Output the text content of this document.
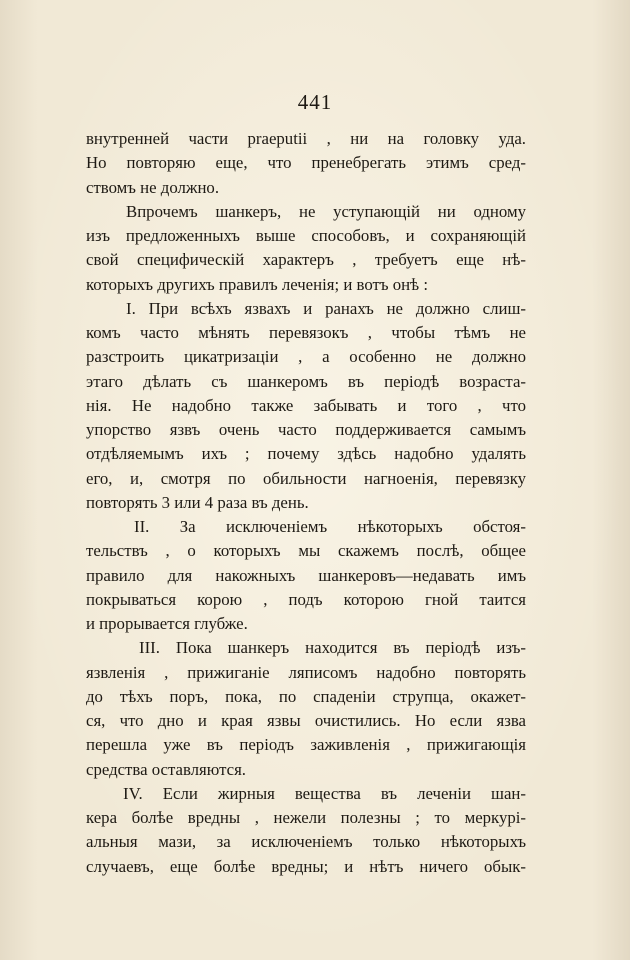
441
внутренней части praeputii , ни на головку уда.
Но повторяю еще, что пренебрегать этимъ сред-
ствомъ не должно.
Впрочемъ шанкеръ, не уступающій ни одному
изъ предложенныхъ выше способовъ, и сохраняющій
свой специфическій характеръ , требуетъ еще нѣ-
которыхъ другихъ правилъ леченія; и вотъ онѣ :
I. При всѣхъ язвахъ и ранахъ не должно слиш-
комъ часто мѣнять перевязокъ , чтобы тѣмъ не
разстроить цикатризаціи , а особенно не должно
этаго дѣлать съ шанкеромъ въ періодѣ возраста-
нія. Не надобно также забывать и того , что
упорство язвъ очень часто поддерживается самымъ
отдѣляемымъ ихъ ; почему здѣсь надобно удалять
его, и, смотря по обильности нагноенія, перевязку
повторять 3 или 4 раза въ день.
II. За исключеніемъ нѣкоторыхъ обстоя-
тельствъ , о которыхъ мы скажемъ послѣ, общее
правило для накожныхъ шанкеровъ—недавать имъ
покрываться корою , подъ которою гной таится
и прорывается глубже.
III. Пока шанкеръ находится въ періодѣ изъ-
язвленія , прижиганіе ляписомъ надобно повторять
до тѣхъ поръ, пока, по спаденіи струпца, окажет-
ся, что дно и края язвы очистились. Но если язва
перешла уже въ періодъ заживленія , прижигающія
средства оставляются.
IV. Если жирныя вещества въ леченіи шан-
кера болѣе вредны , нежели полезны ; то меркурі-
альныя мази, за исключеніемъ только нѣкоторыхъ
случаевъ, еще болѣе вредны; и нѣтъ ничего обык-
